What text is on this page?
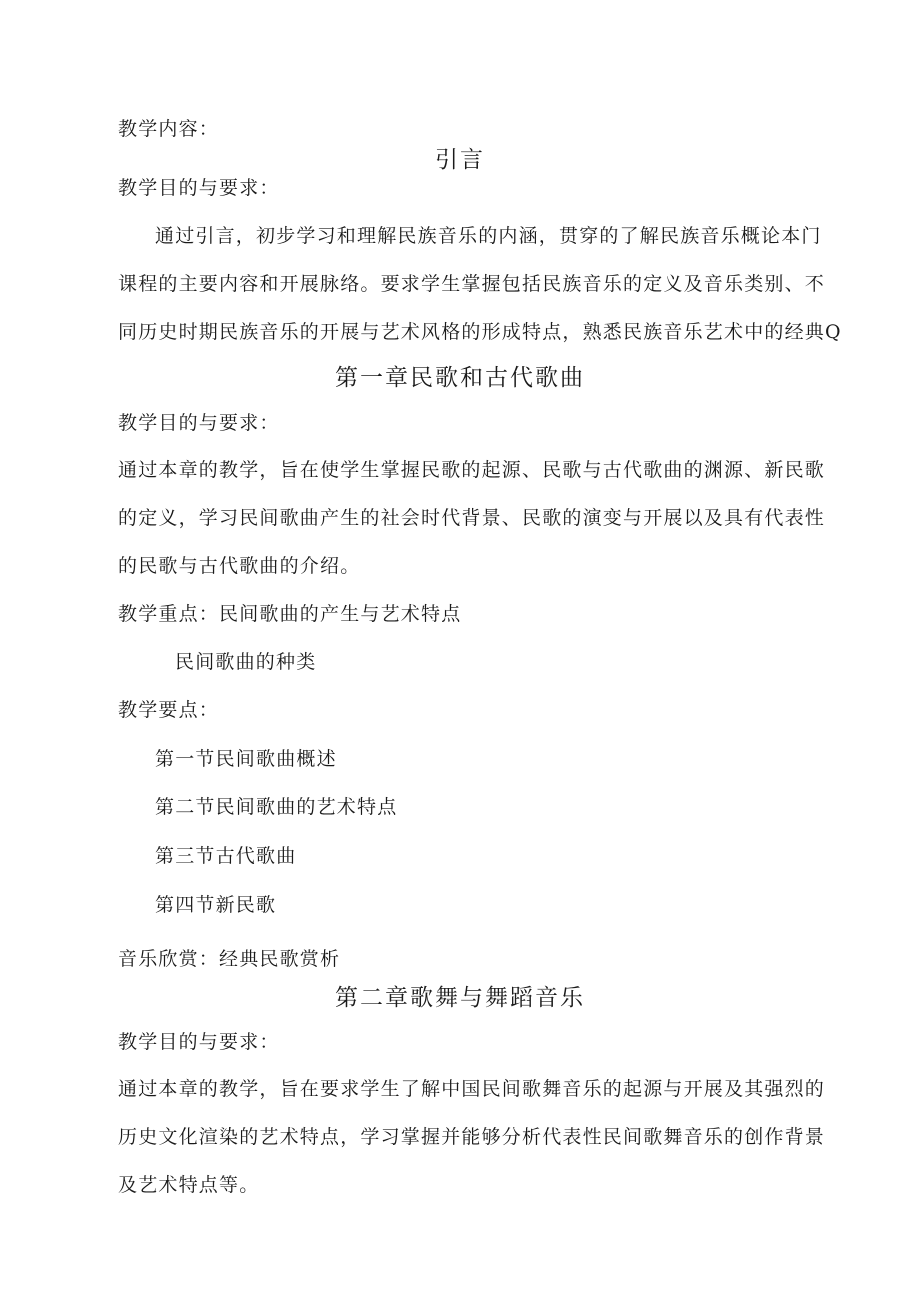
教学内容：
引言
教学目的与要求：
通过引言，初步学习和理解民族音乐的内涵，贯穿的了解民族音乐概论本门
课程的主要内容和开展脉络。要求学生掌握包括民族音乐的定义及音乐类别、不
同历史时期民族音乐的开展与艺术风格的形成特点，熟悉民族音乐艺术中的经典Q
第一章民歌和古代歌曲
教学目的与要求：
通过本章的教学，旨在使学生掌握民歌的起源、民歌与古代歌曲的渊源、新民歌
的定义，学习民间歌曲产生的社会时代背景、民歌的演变与开展以及具有代表性
的民歌与古代歌曲的介绍。
教学重点：民间歌曲的产生与艺术特点
民间歌曲的种类
教学要点：
第一节民间歌曲概述
第二节民间歌曲的艺术特点
第三节古代歌曲
第四节新民歌
音乐欣赏：经典民歌赏析
第二章歌舞与舞蹈音乐
教学目的与要求：
通过本章的教学，旨在要求学生了解中国民间歌舞音乐的起源与开展及其强烈的
历史文化渲染的艺术特点，学习掌握并能够分析代表性民间歌舞音乐的创作背景
及艺术特点等。
